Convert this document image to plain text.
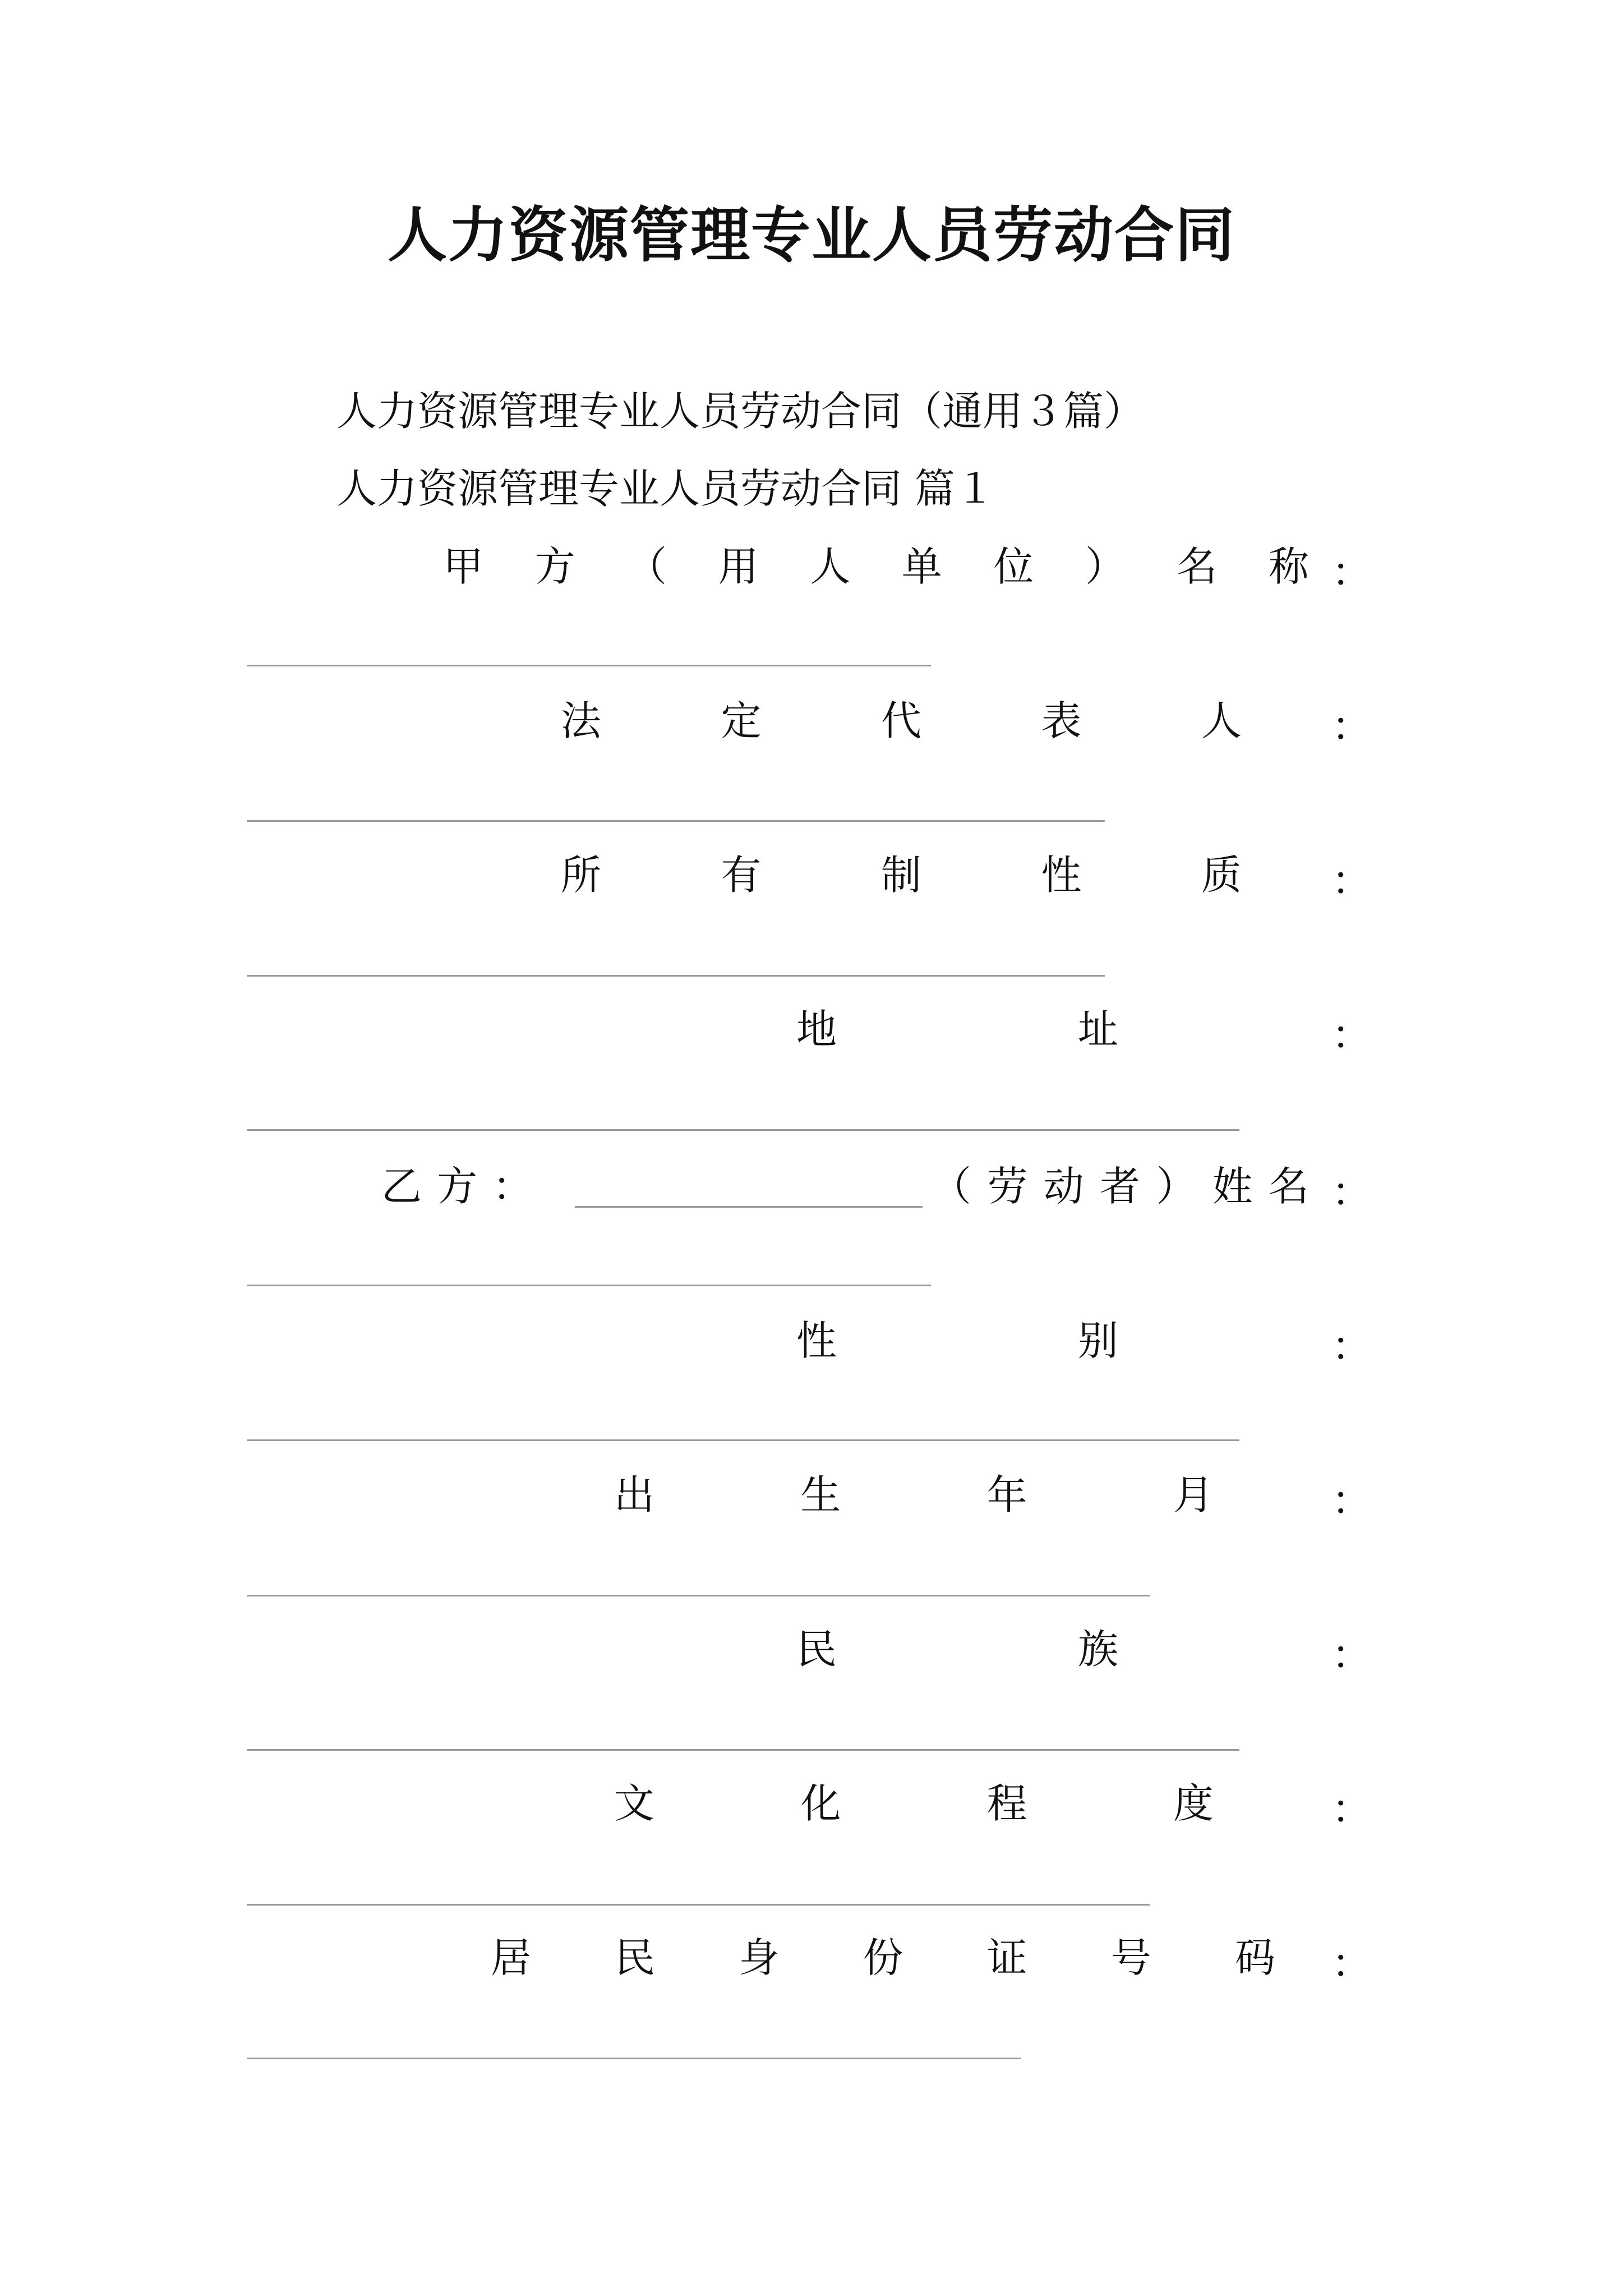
人力资源管理专业人员劳动合同
人力资源管理专业人员劳动合同（通用３篇）
人力资源管理专业人员劳动合同 篇１
甲 方 （ 用 人 单 位 ） 名 称 ：
法	定	代	表	人 ：
所	有	制	性	质 ：
地	址	：
乙 方 ：	（ 劳 动 者 ） 姓 名 ：
性	别	：
出	生	年	月	：
民	族	：
文	化	程	度	：
居 民 身 份 证 号 码 ：
